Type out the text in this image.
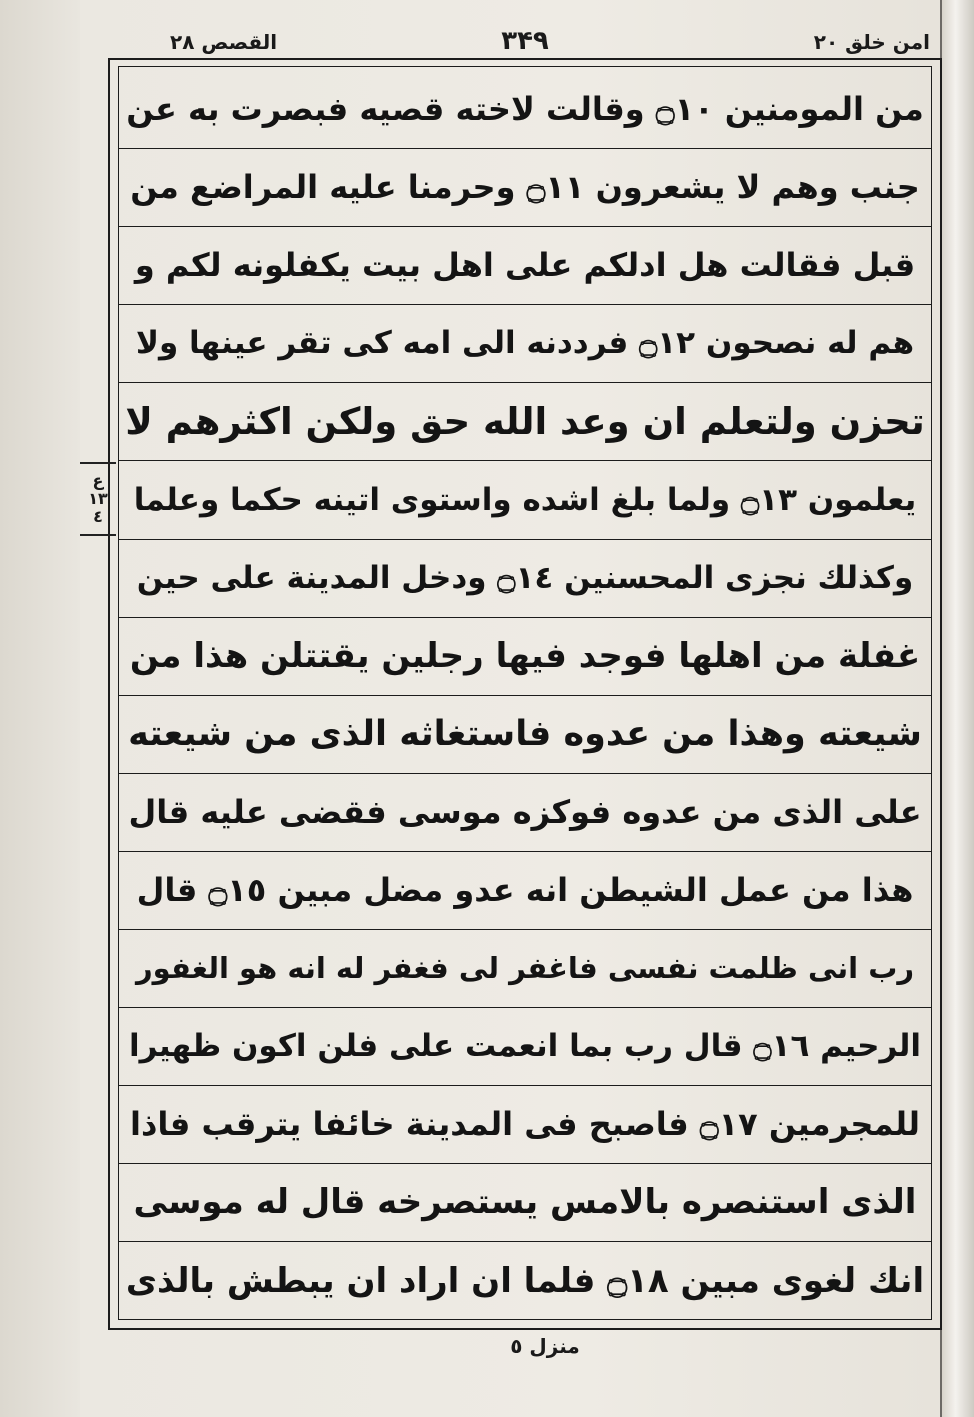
امن خلق ٢٠
۳۴۹
القصص ٢٨
من المومنين ۝١٠ وقالت لاخته قصيه فبصرت به عن
جنب وهم لا يشعرون ۝١١ وحرمنا عليه المراضع من
قبل فقالت هل ادلكم على اهل بيت يكفلونه لكم و
هم له نصحون ۝١٢ فرددنه الى امه كى تقر عينها ولا
تحزن ولتعلم ان وعد الله حق ولكن اكثرهم لا
يعلمون ۝١٣ ولما بلغ اشده واستوى اتينه حكما وعلما
وكذلك نجزى المحسنين ۝١٤ ودخل المدينة على حين
غفلة من اهلها فوجد فيها رجلين يقتتلن هذا من
شيعته وهذا من عدوه فاستغاثه الذى من شيعته
على الذى من عدوه فوكزه موسى فقضى عليه قال
هذا من عمل الشيطن انه عدو مضل مبين ۝١٥ قال
رب انى ظلمت نفسى فاغفر لى فغفر له انه هو الغفور
الرحيم ۝١٦ قال رب بما انعمت على فلن اكون ظهيرا
للمجرمين ۝١٧ فاصبح فى المدينة خائفا يترقب فاذا
الذى استنصره بالامس يستصرخه قال له موسى
انك لغوى مبين ۝١٨ فلما ان اراد ان يبطش بالذى
ع
١٣
٤
منزل ٥
